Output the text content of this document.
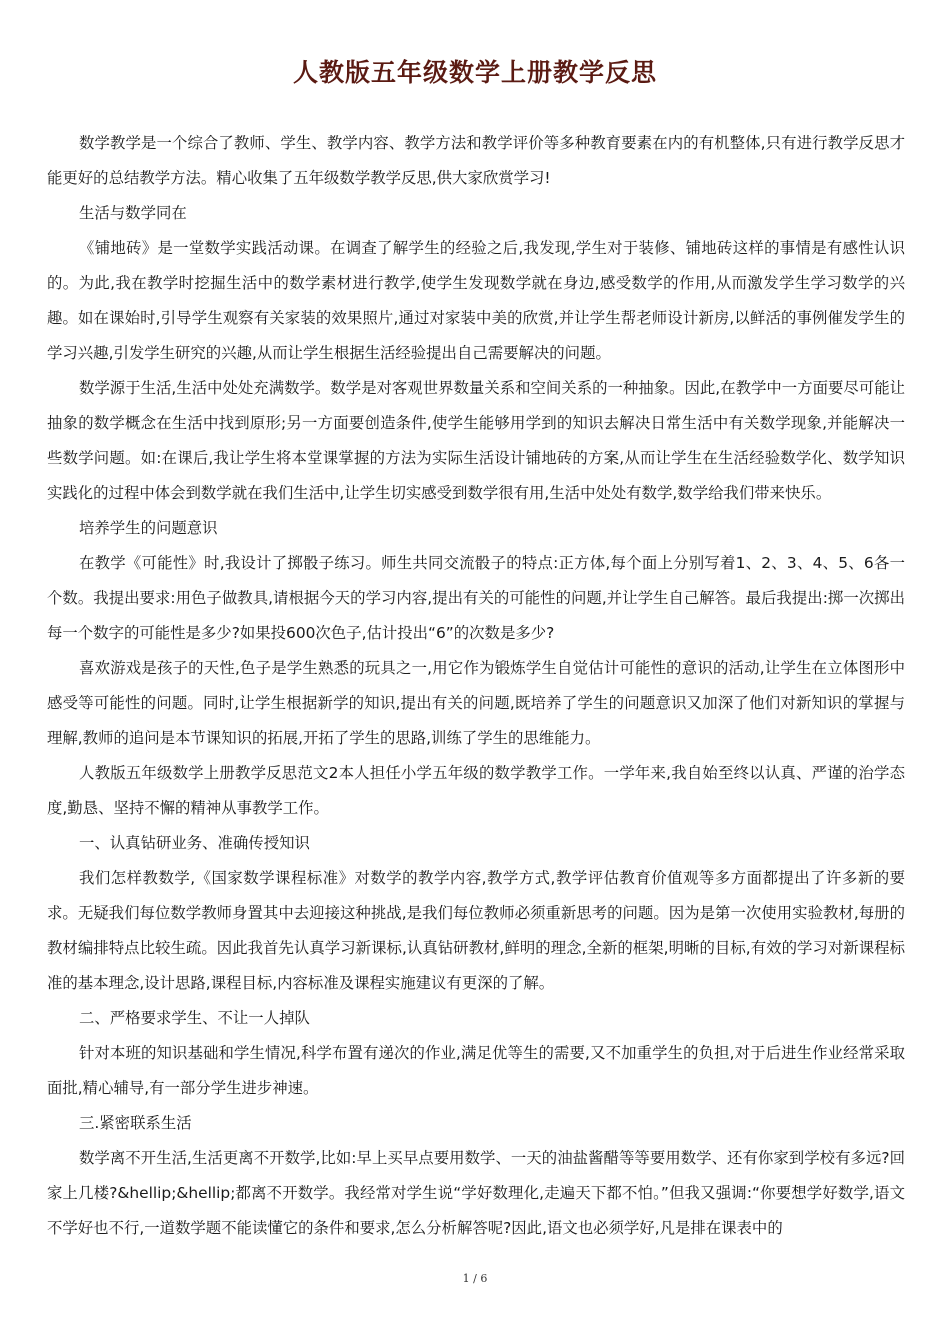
人教版五年级数学上册教学反思

数学教学是一个综合了教师、学生、教学内容、教学方法和教学评价等多种教育要素在内的有机整体,只有进行教学反思才能更好的总结教学方法。精心收集了五年级数学教学反思,供大家欣赏学习!

生活与数学同在

《铺地砖》是一堂数学实践活动课。在调查了解学生的经验之后,我发现,学生对于装修、铺地砖这样的事情是有感性认识的。为此,我在教学时挖掘生活中的数学素材进行教学,使学生发现数学就在身边,感受数学的作用,从而激发学生学习数学的兴趣。如在课始时,引导学生观察有关家装的效果照片,通过对家装中美的欣赏,并让学生帮老师设计新房,以鲜活的事例催发学生的学习兴趣,引发学生研究的兴趣,从而让学生根据生活经验提出自己需要解决的问题。

数学源于生活,生活中处处充满数学。数学是对客观世界数量关系和空间关系的一种抽象。因此,在教学中一方面要尽可能让抽象的数学概念在生活中找到原形;另一方面要创造条件,使学生能够用学到的知识去解决日常生活中有关数学现象,并能解决一些数学问题。如:在课后,我让学生将本堂课掌握的方法为实际生活设计铺地砖的方案,从而让学生在生活经验数学化、数学知识实践化的过程中体会到数学就在我们生活中,让学生切实感受到数学很有用,生活中处处有数学,数学给我们带来快乐。

培养学生的问题意识

在教学《可能性》时,我设计了掷骰子练习。师生共同交流骰子的特点:正方体,每个面上分别写着1、2、3、4、5、6各一个数。我提出要求:用色子做教具,请根据今天的学习内容,提出有关的可能性的问题,并让学生自己解答。最后我提出:掷一次掷出每一个数字的可能性是多少?如果投600次色子,估计投出“6”的次数是多少?

喜欢游戏是孩子的天性,色子是学生熟悉的玩具之一,用它作为锻炼学生自觉估计可能性的意识的活动,让学生在立体图形中感受等可能性的问题。同时,让学生根据新学的知识,提出有关的问题,既培养了学生的问题意识又加深了他们对新知识的掌握与理解,教师的追问是本节课知识的拓展,开拓了学生的思路,训练了学生的思维能力。

人教版五年级数学上册教学反思范文2本人担任小学五年级的数学教学工作。一学年来,我自始至终以认真、严谨的治学态度,勤恳、坚持不懈的精神从事教学工作。

一、认真钻研业务、准确传授知识

我们怎样教数学,《国家数学课程标准》对数学的教学内容,教学方式,教学评估教育价值观等多方面都提出了许多新的要求。无疑我们每位数学教师身置其中去迎接这种挑战,是我们每位教师必须重新思考的问题。因为是第一次使用实验教材,每册的教材编排特点比较生疏。因此我首先认真学习新课标,认真钻研教材,鲜明的理念,全新的框架,明晰的目标,有效的学习对新课程标准的基本理念,设计思路,课程目标,内容标准及课程实施建议有更深的了解。

二、严格要求学生、不让一人掉队

针对本班的知识基础和学生情况,科学布置有递次的作业,满足优等生的需要,又不加重学生的负担,对于后进生作业经常采取面批,精心辅导,有一部分学生进步神速。

三.紧密联系生活

数学离不开生活,生活更离不开数学,比如:早上买早点要用数学、一天的油盐酱醋等等要用数学、还有你家到学校有多远?回家上几楼?&hellip;&hellip;都离不开数学。我经常对学生说“学好数理化,走遍天下都不怕。”但我又强调:“你要想学好数学,语文不学好也不行,一道数学题不能读懂它的条件和要求,怎么分析解答呢?因此,语文也必须学好,凡是排在课表中的

1 / 6
